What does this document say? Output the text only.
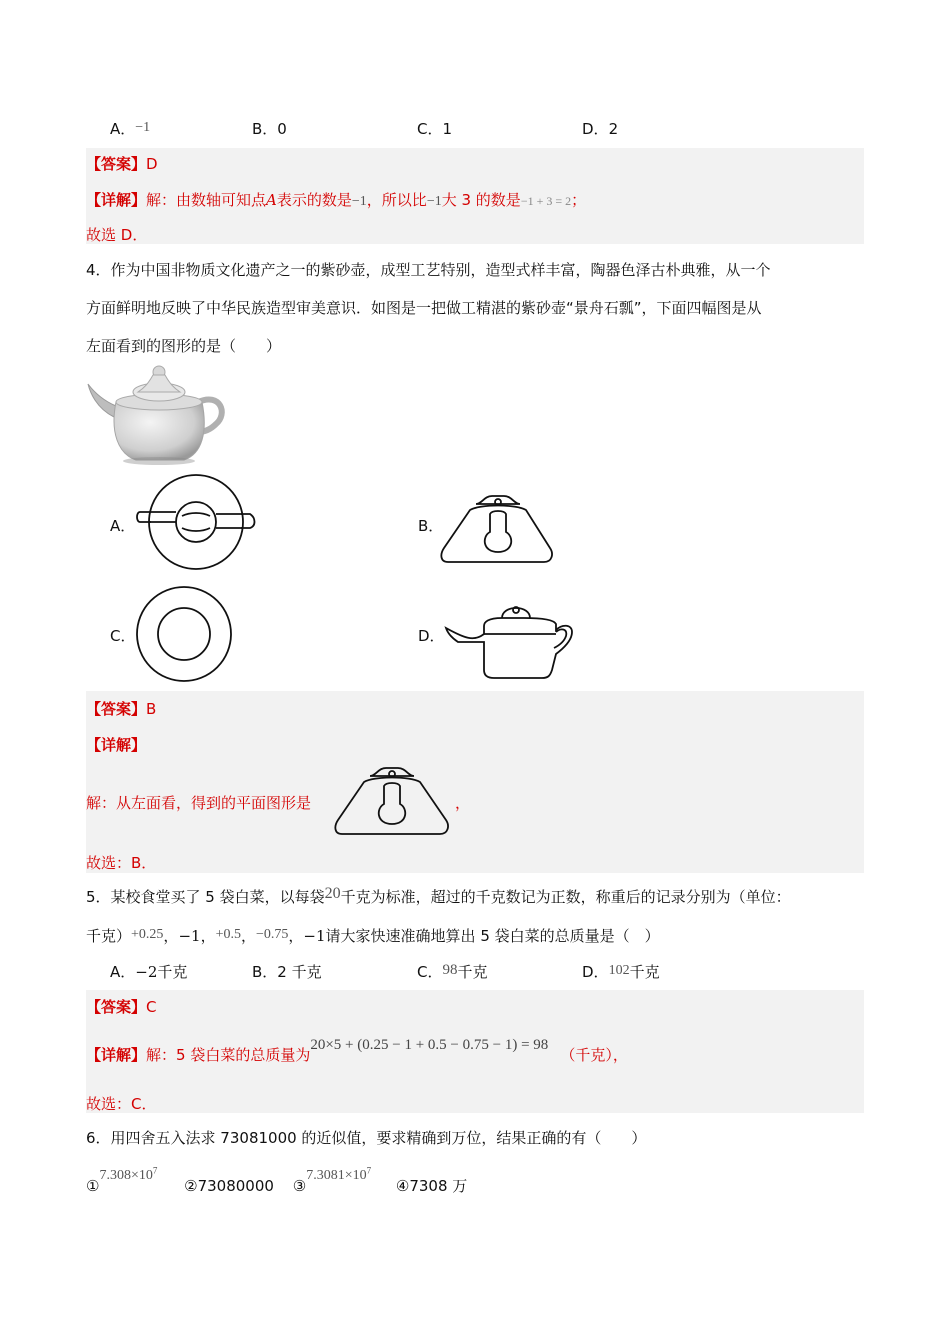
A．−1	B．0	C．1	D．2
【答案】D
【详解】解：由数轴可知点A表示的数是−1，所以比−1大 3 的数是−1 + 3 = 2；
故选 D．
4．作为中国非物质文化遗产之一的紫砂壶，成型工艺特别，造型式样丰富，陶器色泽古朴典雅，从一个
方面鲜明地反映了中华民族造型审美意识．如图是一把做工精湛的紫砂壶“景舟石瓢”，下面四幅图是从
左面看到的图形的是（　　）
A．	B．
C．	D．
【答案】B
【详解】
解：从左面看，得到的平面图形是	，
故选：B．
5．某校食堂买了 5 袋白菜，以每袋20千克为标准，超过的千克数记为正数，称重后的记录分别为（单位：
千克）+0.25，−1，+0.5，−0.75，−1请大家快速准确地算出 5 袋白菜的总质量是（　）
A．−2千克	B．2 千克	C．98千克	D．102千克
【答案】C
【详解】解：5 袋白菜的总质量为20×5 + (0.25 − 1 + 0.5 − 0.75 − 1) = 98（千克），
故选：C．
6．用四舍五入法求 73081000 的近似值，要求精确到万位，结果正确的有（　　）
$①7.308\times 10^7$ ②73080000 $③7.3081\times 10^7$ ④7308 万
